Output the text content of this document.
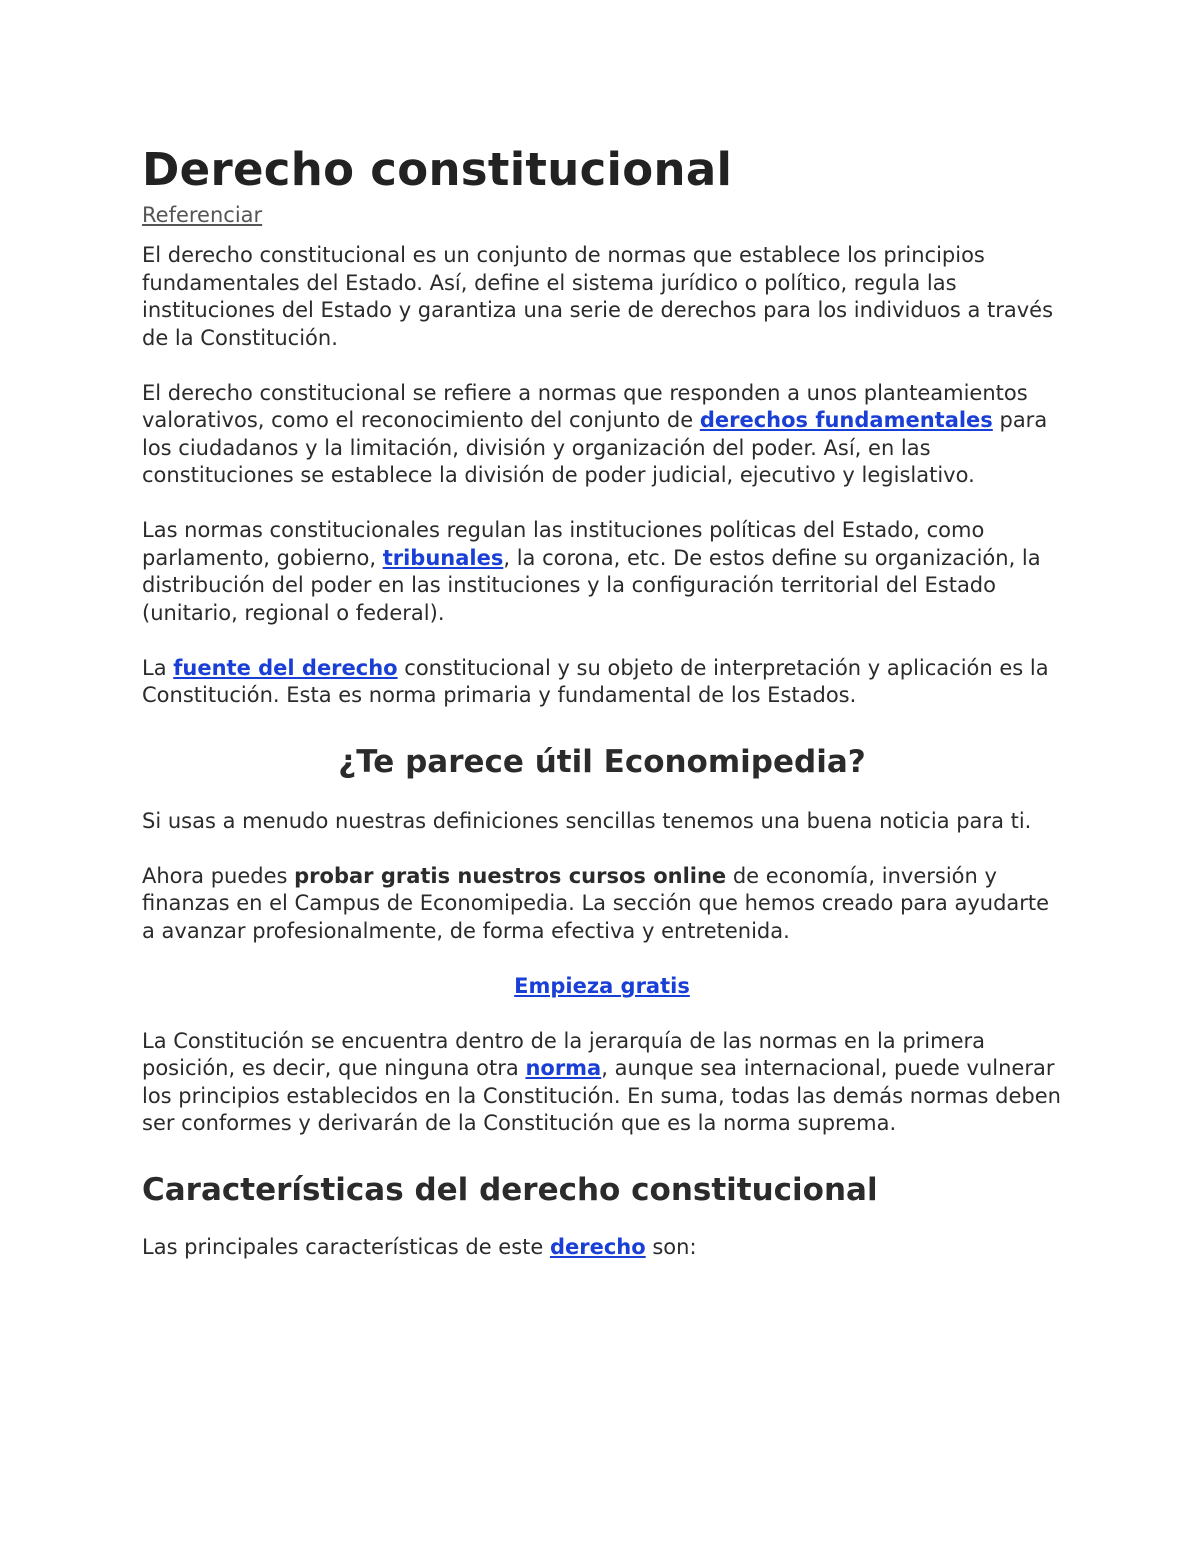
Derecho constitucional
Referenciar

El derecho constitucional es un conjunto de normas que establece los principios fundamentales del Estado. Así, define el sistema jurídico o político, regula las instituciones del Estado y garantiza una serie de derechos para los individuos a través de la Constitución.

El derecho constitucional se refiere a normas que responden a unos planteamientos valorativos, como el reconocimiento del conjunto de derechos fundamentales para los ciudadanos y la limitación, división y organización del poder. Así, en las constituciones se establece la división de poder judicial, ejecutivo y legislativo.

Las normas constitucionales regulan las instituciones políticas del Estado, como parlamento, gobierno, tribunales, la corona, etc. De estos define su organización, la distribución del poder en las instituciones y la configuración territorial del Estado (unitario, regional o federal).

La fuente del derecho constitucional y su objeto de interpretación y aplicación es la Constitución. Esta es norma primaria y fundamental de los Estados.

¿Te parece útil Economipedia?

Si usas a menudo nuestras definiciones sencillas tenemos una buena noticia para ti.

Ahora puedes probar gratis nuestros cursos online de economía, inversión y finanzas en el Campus de Economipedia. La sección que hemos creado para ayudarte a avanzar profesionalmente, de forma efectiva y entretenida.

Empieza gratis

La Constitución se encuentra dentro de la jerarquía de las normas en la primera posición, es decir, que ninguna otra norma, aunque sea internacional, puede vulnerar los principios establecidos en la Constitución. En suma, todas las demás normas deben ser conformes y derivarán de la Constitución que es la norma suprema.

Características del derecho constitucional

Las principales características de este derecho son:
